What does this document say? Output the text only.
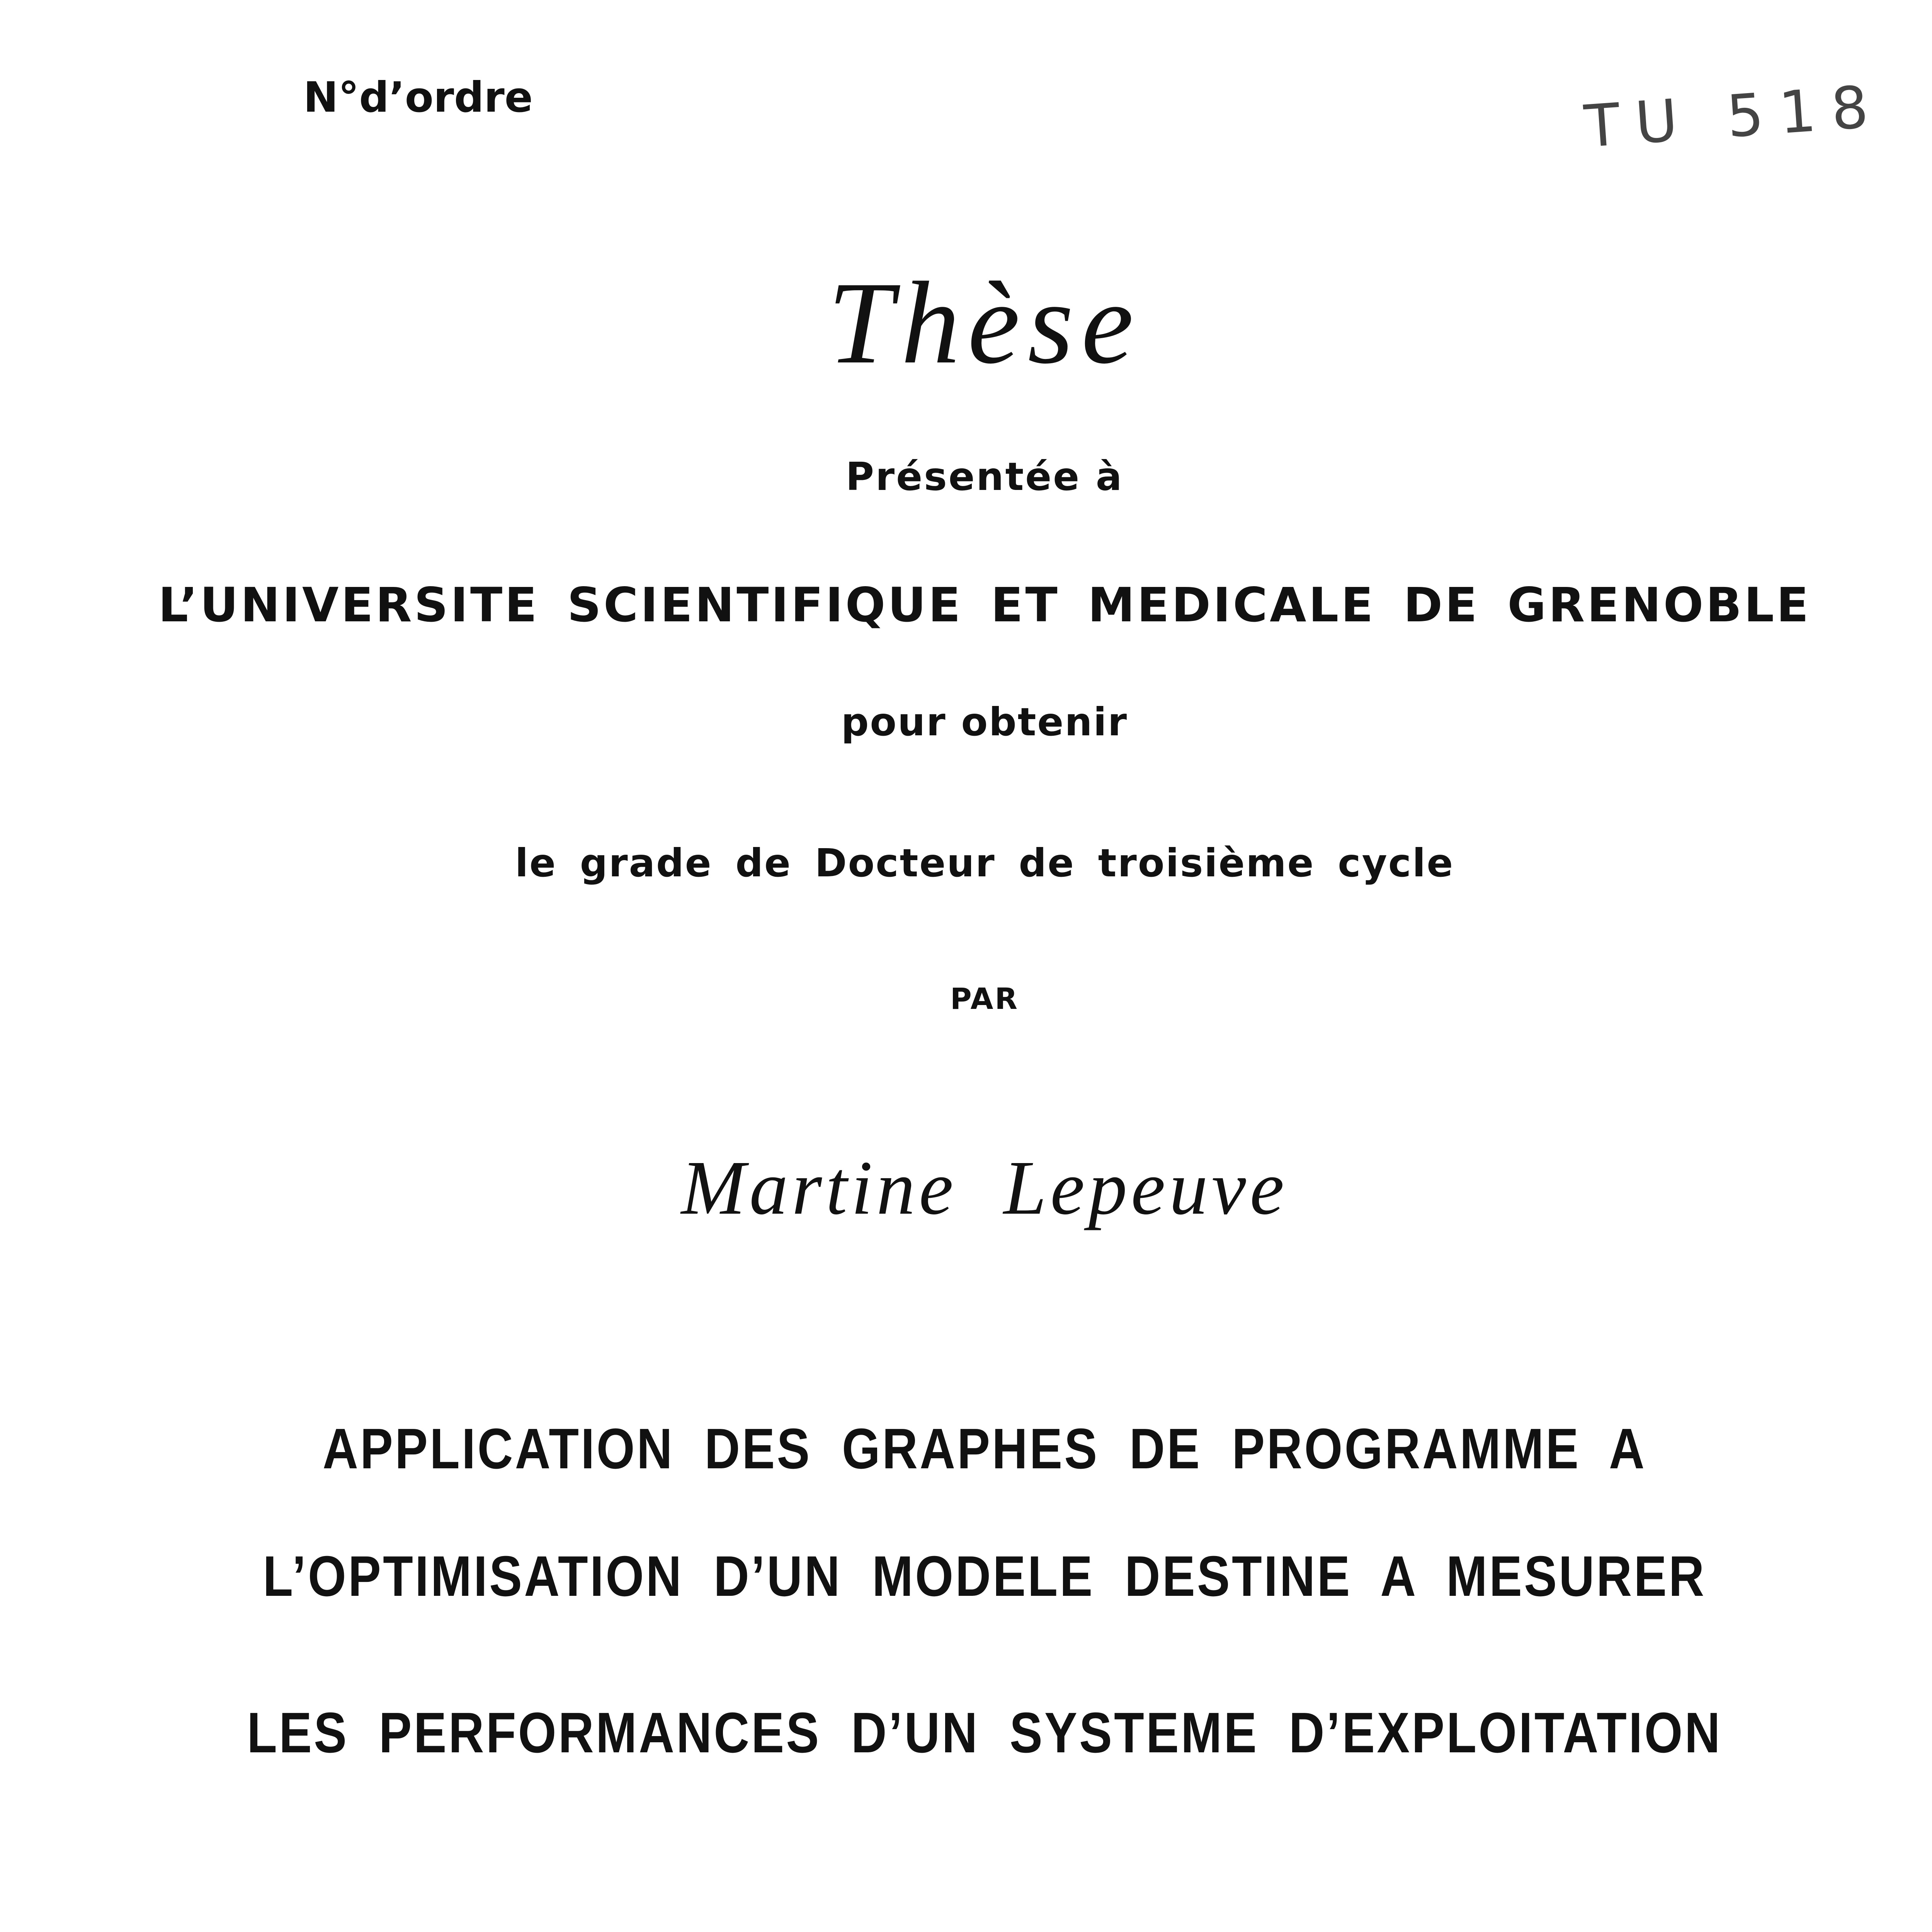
N°d’ordre	TU 518
Thèse
Présentée à
L’UNIVERSITE SCIENTIFIQUE ET MEDICALE DE GRENOBLE
pour obtenir
le grade de Docteur de troisième cycle
PAR
Martine Lepeuve
APPLICATION DES GRAPHES DE PROGRAMME A
L’OPTIMISATION D’UN MODELE DESTINE A MESURER
LES PERFORMANCES D’UN SYSTEME D’EXPLOITATION
